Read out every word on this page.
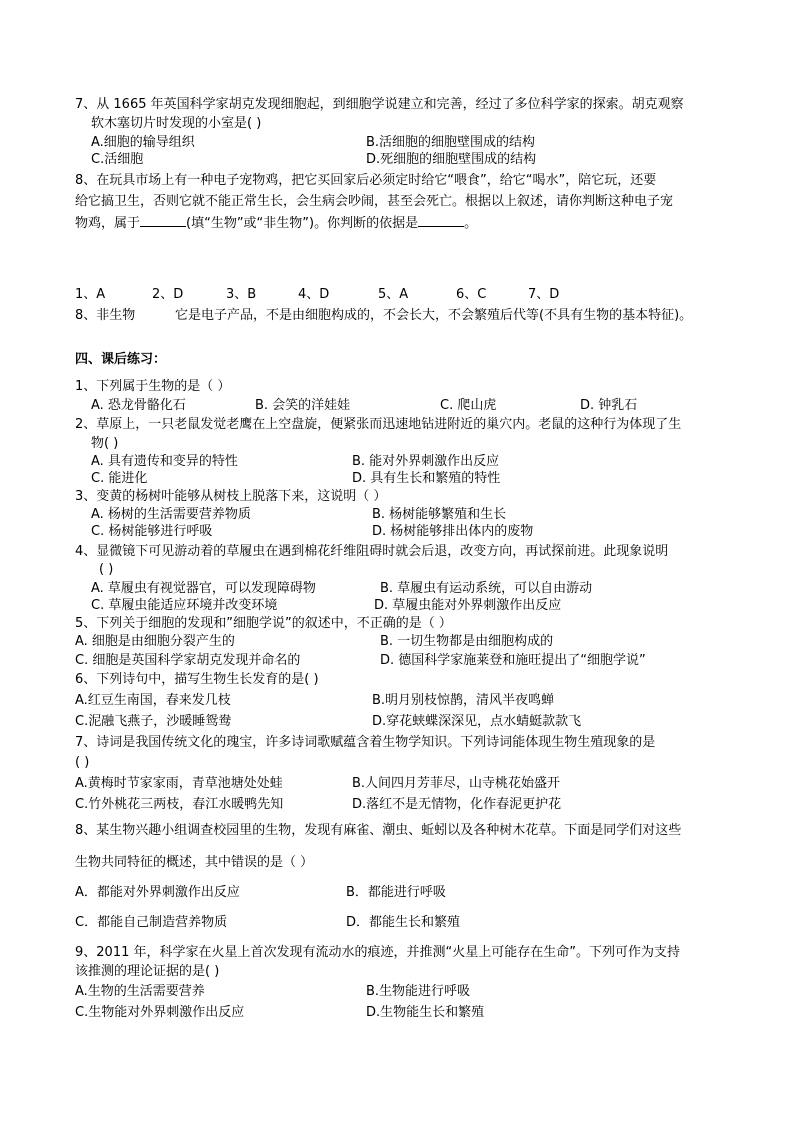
7、从 1665 年英国科学家胡克发现细胞起，到细胞学说建立和完善，经过了多位科学家的探索。胡克观察
软木塞切片时发现的小室是( )
A.细胞的输导组织	B.活细胞的细胞壁围成的结构
C.活细胞	D.死细胞的细胞壁围成的结构
8、在玩具市场上有一种电子宠物鸡，把它买回家后必须定时给它“喂食”，给它“喝水”，陪它玩，还要
给它搞卫生，否则它就不能正常生长，会生病会吵闹，甚至会死亡。根据以上叙述，请你判断这种电子宠
物鸡，属于	(填“生物”或“非生物”)。你判断的依据是	。
1、A	2、D	3、B	4、D	5、A	6、C	7、D
8、非生物	它是电子产品，不是由细胞构成的，不会长大，不会繁殖后代等(不具有生物的基本特征)。
四、课后练习：
1、下列属于生物的是（ ）
A. 恐龙骨骼化石	B. 会笑的洋娃娃	C. 爬山虎	D. 钟乳石
2、草原上，一只老鼠发觉老鹰在上空盘旋，便紧张而迅速地钻进附近的巢穴内。老鼠的这种行为体现了生
物( )
A. 具有遗传和变异的特性	B. 能对外界刺激作出反应
C. 能进化	D. 具有生长和繁殖的特性
3、变黄的杨树叶能够从树枝上脱落下来，这说明（ ）
A. 杨树的生活需要营养物质	B. 杨树能够繁殖和生长
C. 杨树能够进行呼吸	D. 杨树能够排出体内的废物
4、显微镜下可见游动着的草履虫在遇到棉花纤维阻碍时就会后退，改变方向，再试探前进。此现象说明
( )
A. 草履虫有视觉器官，可以发现障碍物	B. 草履虫有运动系统，可以自由游动
C. 草履虫能适应环境并改变环境	D. 草履虫能对外界刺激作出反应
5、下列关于细胞的发现和”细胞学说”的叙述中，不正确的是（ ）
A. 细胞是由细胞分裂产生的	B. 一切生物都是由细胞构成的
C. 细胞是英国科学家胡克发现并命名的	D. 德国科学家施莱登和施旺提出了“细胞学说”
6、下列诗句中，描写生物生长发育的是( )
A.红豆生南国，春来发几枝	B.明月别枝惊鹊，清风半夜鸣蝉
C.泥融飞燕子，沙暖睡鸳鸯	D.穿花蛱蝶深深见，点水蜻蜓款款飞
7、诗词是我国传统文化的瑰宝，许多诗词歌赋蕴含着生物学知识。下列诗词能体现生物生殖现象的是
( )
A.黄梅时节家家雨，青草池塘处处蛙	B.人间四月芳菲尽，山寺桃花始盛开
C.竹外桃花三两枝，春江水暖鸭先知	D.落红不是无情物，化作春泥更护花
8、某生物兴趣小组调查校园里的生物，发现有麻雀、潮虫、蚯蚓以及各种树木花草。下面是同学们对这些
生物共同特征的概述，其中错误的是（ ）
A．都能对外界刺激作出反应	B．都能进行呼吸
C．都能自己制造营养物质	D．都能生长和繁殖
9、2011 年，科学家在火星上首次发现有流动水的痕迹，并推测“火星上可能存在生命”。下列可作为支持
该推测的理论证据的是( )
A.生物的生活需要营养	B.生物能进行呼吸
C.生物能对外界刺激作出反应	D.生物能生长和繁殖
